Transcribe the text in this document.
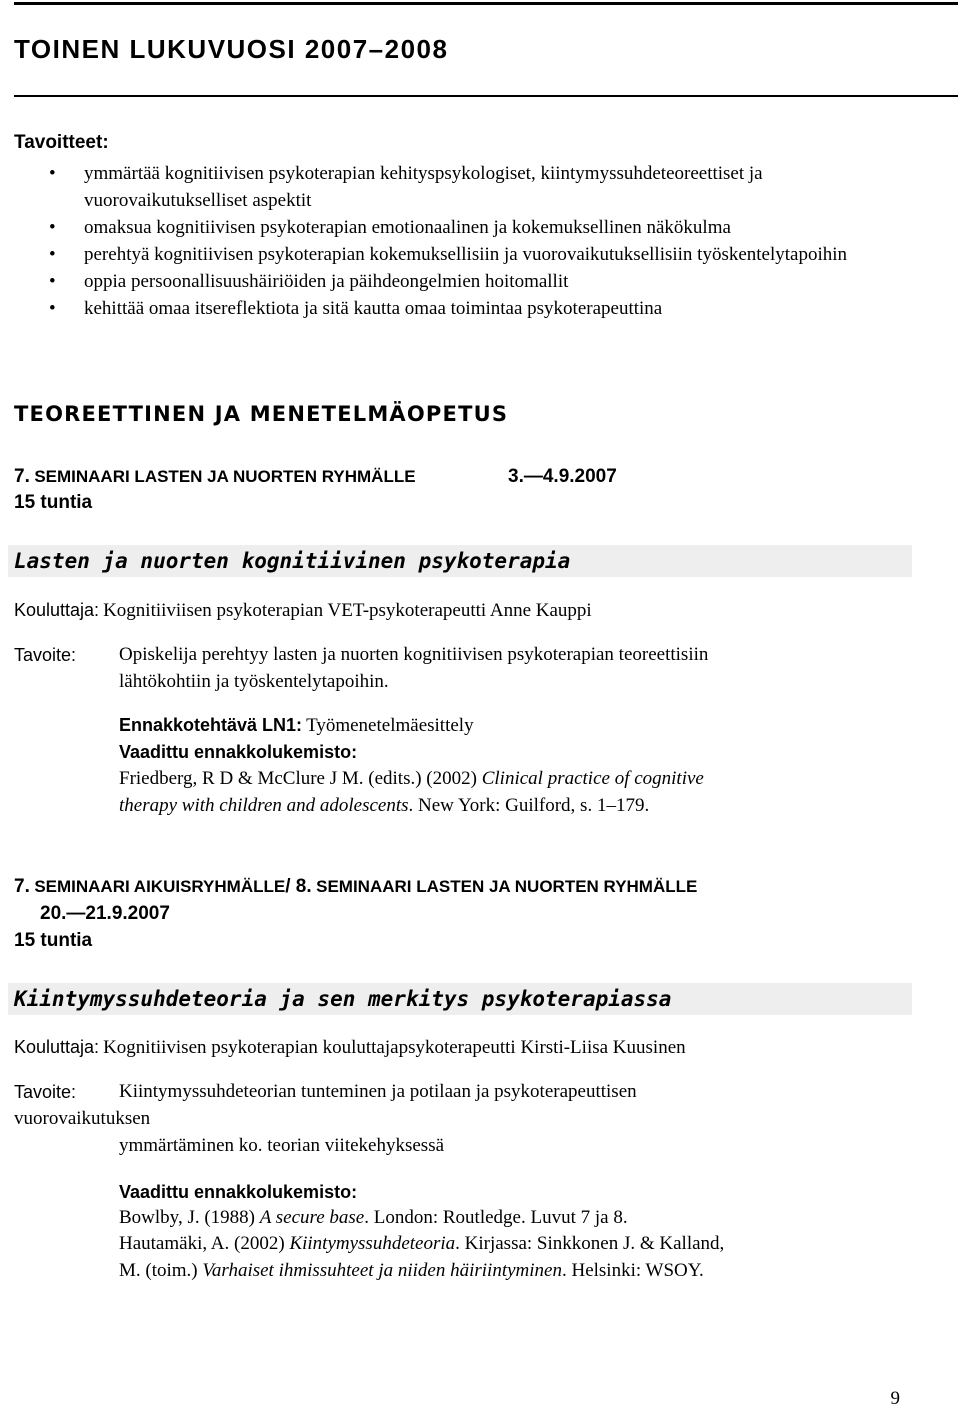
TOINEN LUKUVUOSI 2007–2008
Tavoitteet:
• ymmärtää kognitiivisen psykoterapian kehityspsykologiset, kiintymyssuhdeteoreettiset ja vuorovaikutukselliset aspektit
• omaksua kognitiivisen psykoterapian emotionaalinen ja kokemuksellinen näkökulma
• perehtyä kognitiivisen psykoterapian kokemuksellisiin ja vuorovaikutuksellisiin työskentelytapoihin
• oppia persoonallisuushäiriöiden ja päihdeongelmien hoitomallit
• kehittää omaa itsereflektiota ja sitä kautta omaa toimintaa psykoterapeuttina
TEOREETTINEN JA MENETELMÄOPETUS
7. SEMINAARI LASTEN JA NUORTEN RYHMÄLLE	3.—4.9.2007
15 tuntia
Lasten ja nuorten kognitiivinen psykoterapia
Kouluttaja: Kognitiiviisen psykoterapian VET-psykoterapeutti Anne Kauppi
Tavoite: Opiskelija perehtyy lasten ja nuorten kognitiivisen psykoterapian teoreettisiin
lähtökohtiin ja työskentelytapoihin.
Ennakkotehtävä LN1: Työmenetelmäesittely
Vaadittu ennakkolukemisto:
Friedberg, R D & McClure J M. (edits.) (2002) Clinical practice of cognitive
therapy with children and adolescents. New York: Guilford, s. 1–179.
7. SEMINAARI AIKUISRYHMÄLLE/ 8. SEMINAARI LASTEN JA NUORTEN RYHMÄLLE
20.—21.9.2007
15 tuntia
Kiintymyssuhdeteoria ja sen merkitys psykoterapiassa
Kouluttaja: Kognitiivisen psykoterapian kouluttajapsykoterapeutti Kirsti-Liisa Kuusinen
Tavoite: Kiintymyssuhdeteorian tunteminen ja potilaan ja psykoterapeuttisen
vuorovaikutuksen
ymmärtäminen ko. teorian viitekehyksessä
Vaadittu ennakkolukemisto:
Bowlby, J. (1988) A secure base. London: Routledge. Luvut 7 ja 8.
Hautamäki, A. (2002) Kiintymyssuhdeteoria. Kirjassa: Sinkkonen J. & Kalland,
M. (toim.) Varhaiset ihmissuhteet ja niiden häiriintyminen. Helsinki: WSOY.
9
